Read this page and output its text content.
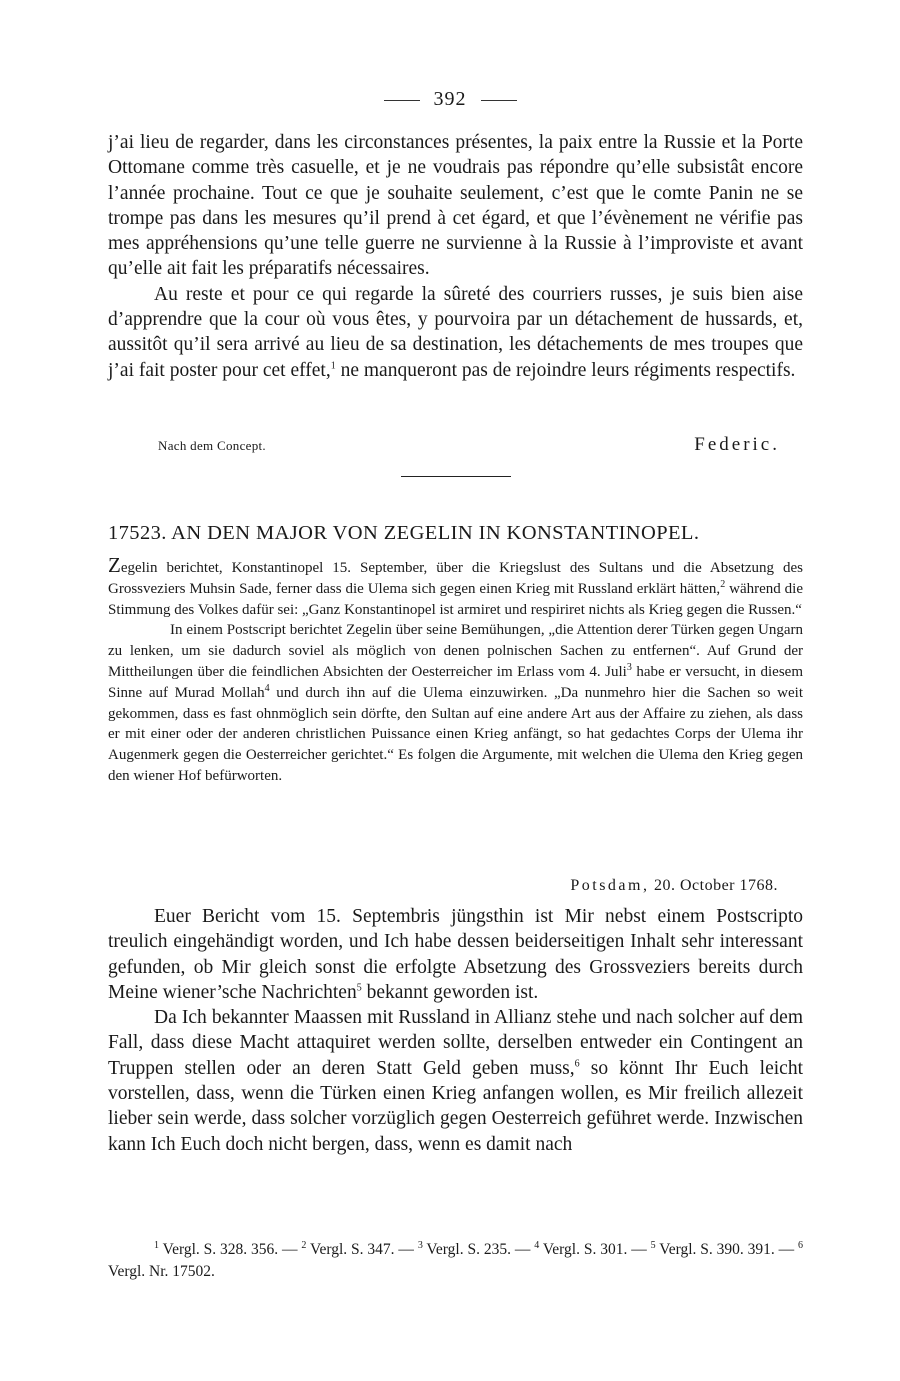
392

j’ai lieu de regarder, dans les circonstances présentes, la paix entre la Russie et la Porte Ottomane comme très casuelle, et je ne voudrais pas répondre qu’elle subsistât encore l’année prochaine. Tout ce que je souhaite seulement, c’est que le comte Panin ne se trompe pas dans les mesures qu’il prend à cet égard, et que l’évènement ne vérifie pas mes appréhensions qu’une telle guerre ne survienne à la Russie à l’improviste et avant qu’elle ait fait les préparatifs nécessaires.

Au reste et pour ce qui regarde la sûreté des courriers russes, je suis bien aise d’apprendre que la cour où vous êtes, y pourvoira par un détachement de hussards, et, aussitôt qu’il sera arrivé au lieu de sa destination, les détachements de mes troupes que j’ai fait poster pour cet effet,$^1$ ne manqueront pas de rejoindre leurs régiments respectifs.

Nach dem Concept.	Federic.
17523. AN DEN MAJOR VON ZEGELIN IN KONSTANTINOPEL.

Zegelin berichtet, Konstantinopel 15. September, über die Kriegslust des Sultans und die Absetzung des Grossveziers Muhsin Sade, ferner dass die Ulema sich gegen einen Krieg mit Russland erklärt hätten,$^2$ während die Stimmung des Volkes dafür sei: „Ganz Konstantinopel ist armiret und respiriret nichts als Krieg gegen die Russen.“

In einem Postscript berichtet Zegelin über seine Bemühungen, „die Attention derer Türken gegen Ungarn zu lenken, um sie dadurch soviel als möglich von denen polnischen Sachen zu entfernen“. Auf Grund der Mittheilungen über die feindlichen Absichten der Oesterreicher im Erlass vom 4. Juli$^3$ habe er versucht, in diesem Sinne auf Murad Mollah$^4$ und durch ihn auf die Ulema einzuwirken. „Da nunmehro hier die Sachen so weit gekommen, dass es fast ohnmöglich sein dörfte, den Sultan auf eine andere Art aus der Affaire zu ziehen, als dass er mit einer oder der anderen christlichen Puissance einen Krieg anfängt, so hat gedachtes Corps der Ulema ihr Augenmerk gegen die Oesterreicher gerichtet.“ Es folgen die Argumente, mit welchen die Ulema den Krieg gegen den wiener Hof befürworten.

Potsdam, 20. October 1768.

Euer Bericht vom 15. Septembris jüngsthin ist Mir nebst einem Postscripto treulich eingehändigt worden, und Ich habe dessen beiderseitigen Inhalt sehr interessant gefunden, ob Mir gleich sonst die erfolgte Absetzung des Grossveziers bereits durch Meine wiener’sche Nachrichten$^5$ bekannt geworden ist.

Da Ich bekannter Maassen mit Russland in Allianz stehe und nach solcher auf dem Fall, dass diese Macht attaquiret werden sollte, derselben entweder ein Contingent an Truppen stellen oder an deren Statt Geld geben muss,$^6$ so könnt Ihr Euch leicht vorstellen, dass, wenn die Türken einen Krieg anfangen wollen, es Mir freilich allezeit lieber sein werde, dass solcher vorzüglich gegen Oesterreich geführet werde. Inzwischen kann Ich Euch doch nicht bergen, dass, wenn es damit nach

$^1$ Vergl. S. 328. 356. — $^2$ Vergl. S. 347. — $^3$ Vergl. S. 235. — $^4$ Vergl. S. 301. — $^5$ Vergl. S. 390. 391. — $^6$ Vergl. Nr. 17502.
